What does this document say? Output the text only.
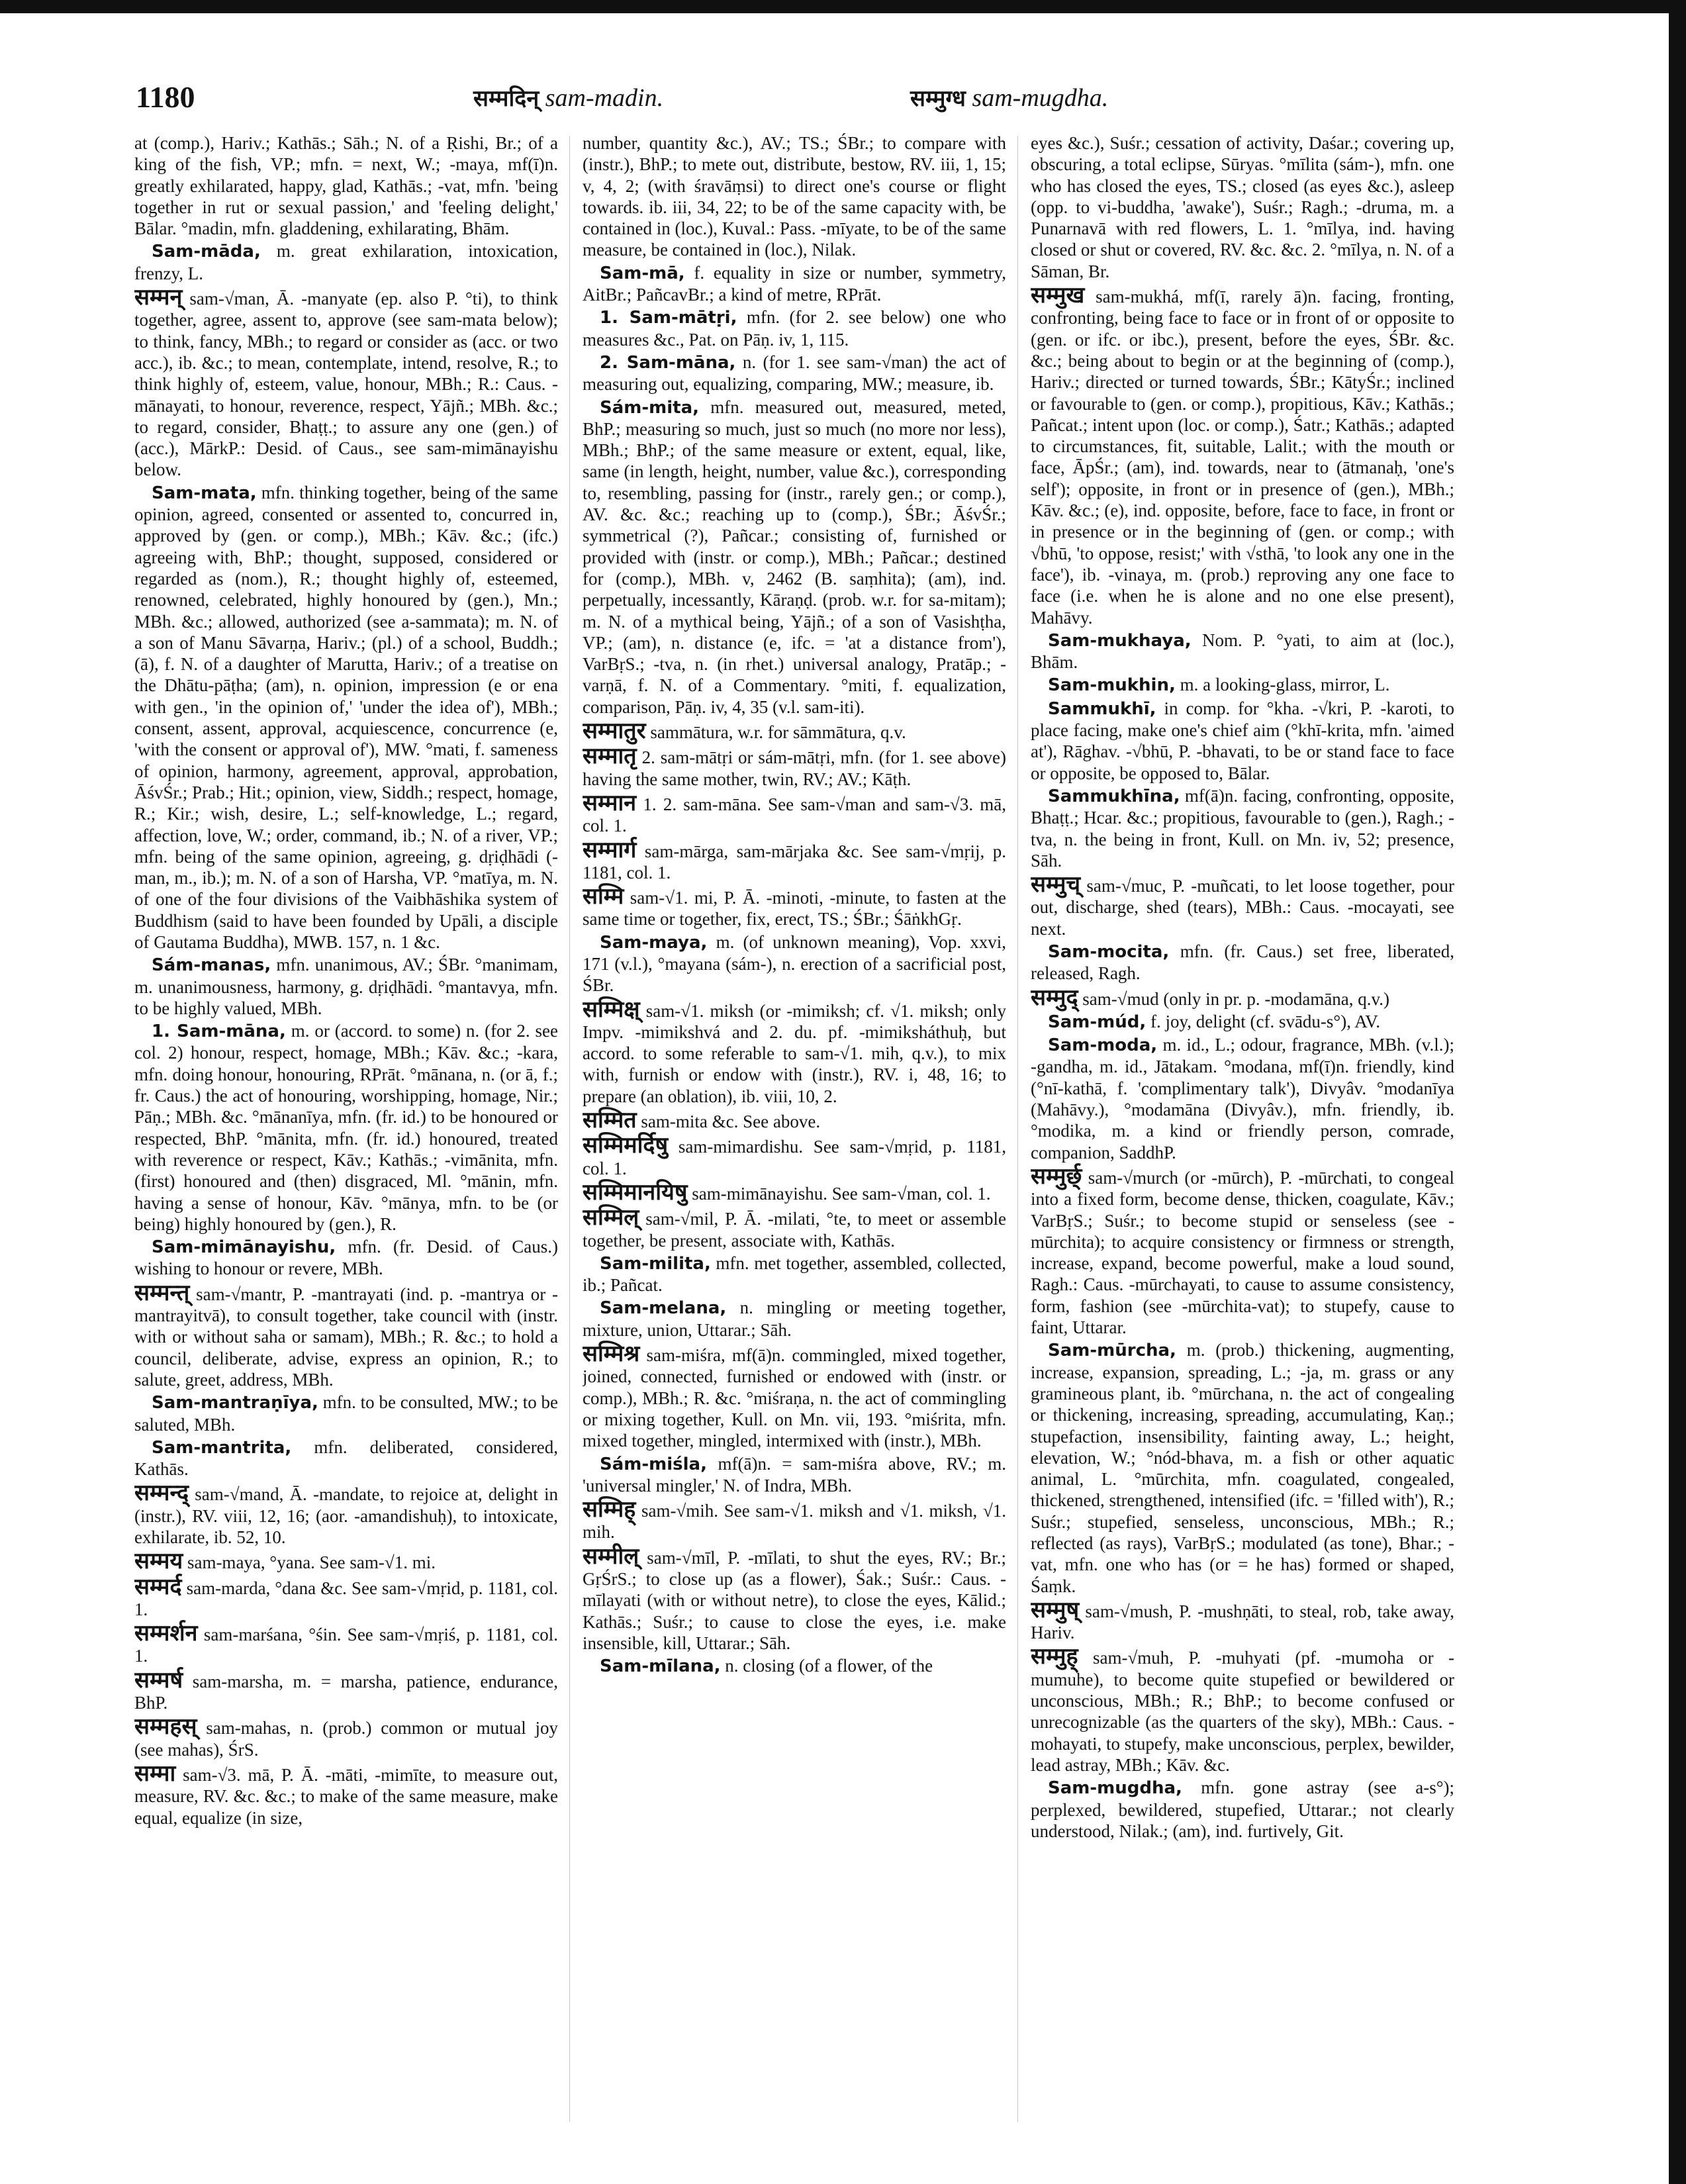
1180	सम्मदिन् sam-madin.	सम्मुग्ध sam-mugdha.

at (comp.), Hariv.; Kathās.; Sāh.; N. of a Ṛishi, Br.; of a king of the fish, VP.; mfn. = next, W.; -maya, mf(ī)n. greatly exhilarated, happy, glad, Kathās.; -vat, mfn. 'being together in rut or sexual passion,' and 'feeling delight,' Bālar. °madin, mfn. gladdening, exhilarating, Bhām.

Sam-māda, m. great exhilaration, intoxication, frenzy, L.

सम्मन् sam-√man, Ā. -manyate (ep. also P. °ti), to think together, agree, assent to, approve (see sam-mata below); to think, fancy, MBh.; to regard or consider as (acc. or two acc.), ib. &c.; to mean, contemplate, intend, resolve, R.; to think highly of, esteem, value, honour, MBh.; R.: Caus. -mānayati, to honour, reverence, respect, Yājñ.; MBh. &c.; to regard, consider, Bhaṭṭ.; to assure any one (gen.) of (acc.), MārkP.: Desid. of Caus., see sam-mimānayishu below.

Sam-mata, mfn. thinking together, being of the same opinion, agreed, consented or assented to, concurred in, approved by (gen. or comp.), MBh.; Kāv. &c.; (ifc.) agreeing with, BhP.; thought, supposed, considered or regarded as (nom.), R.; thought highly of, esteemed, renowned, celebrated, highly honoured by (gen.), Mn.; MBh. &c.; allowed, authorized (see a-sammata); m. N. of a son of Manu Sāvarṇa, Hariv.; (pl.) of a school, Buddh.; (ā), f. N. of a daughter of Marutta, Hariv.; of a treatise on the Dhātu-pāṭha; (am), n. opinion, impression (e or ena with gen., 'in the opinion of,' 'under the idea of'), MBh.; consent, assent, approval, acquiescence, concurrence (e, 'with the consent or approval of'), MW. °mati, f. sameness of opinion, harmony, agreement, approval, approbation, ĀśvŚr.; Prab.; Hit.; opinion, view, Siddh.; respect, homage, R.; Kir.; wish, desire, L.; self-knowledge, L.; regard, affection, love, W.; order, command, ib.; N. of a river, VP.; mfn. being of the same opinion, agreeing, g. dṛiḍhādi (-man, m., ib.); m. N. of a son of Harsha, VP. °matīya, m. N. of one of the four divisions of the Vaibhāshika system of Buddhism (said to have been founded by Upāli, a disciple of Gautama Buddha), MWB. 157, n. 1 &c.

Sám-manas, mfn. unanimous, AV.; ŚBr. °manimam, m. unanimousness, harmony, g. dṛiḍhādi. °mantavya, mfn. to be highly valued, MBh.

1. Sam-māna, m. or (accord. to some) n. (for 2. see col. 2) honour, respect, homage, MBh.; Kāv. &c.; -kara, mfn. doing honour, honouring, RPrāt. °mānana, n. (or ā, f.; fr. Caus.) the act of honouring, worshipping, homage, Nir.; Pāṇ.; MBh. &c. °mānanīya, mfn. (fr. id.) to be honoured or respected, BhP. °mānita, mfn. (fr. id.) honoured, treated with reverence or respect, Kāv.; Kathās.; -vimānita, mfn. (first) honoured and (then) disgraced, Ml. °mānin, mfn. having a sense of honour, Kāv. °mānya, mfn. to be (or being) highly honoured by (gen.), R.

Sam-mimānayishu, mfn. (fr. Desid. of Caus.) wishing to honour or revere, MBh.

सम्मन्त् sam-√mantr, P. -mantrayati (ind. p. -mantrya or -mantrayitvā), to consult together, take council with (instr. with or without saha or samam), MBh.; R. &c.; to hold a council, deliberate, advise, express an opinion, R.; to salute, greet, address, MBh.

Sam-mantraṇīya, mfn. to be consulted, MW.; to be saluted, MBh.

Sam-mantrita, mfn. deliberated, considered, Kathās.

सम्मन्द् sam-√mand, Ā. -mandate, to rejoice at, delight in (instr.), RV. viii, 12, 16; (aor. -amandishuḥ), to intoxicate, exhilarate, ib. 52, 10.

सम्मय sam-maya, °yana. See sam-√1. mi.

सम्मर्द sam-marda, °dana &c. See sam-√mṛid, p. 1181, col. 1.

सम्मर्शन sam-marśana, °śin. See sam-√mṛiś, p. 1181, col. 1.

सम्मर्ष sam-marsha, m. = marsha, patience, endurance, BhP.

सम्महस् sam-mahas, n. (prob.) common or mutual joy (see mahas), ŚrS.

सम्मा sam-√3. mā, P. Ā. -māti, -mimīte, to measure out, measure, RV. &c. &c.; to make of the same measure, make equal, equalize (in size,

number, quantity &c.), AV.; TS.; ŚBr.; to compare with (instr.), BhP.; to mete out, distribute, bestow, RV. iii, 1, 15; v, 4, 2; (with śravāṃsi) to direct one's course or flight towards. ib. iii, 34, 22; to be of the same capacity with, be contained in (loc.), Kuval.: Pass. -mīyate, to be of the same measure, be contained in (loc.), Nilak.

Sam-mā, f. equality in size or number, symmetry, AitBr.; PañcavBr.; a kind of metre, RPrāt.

1. Sam-mātṛi, mfn. (for 2. see below) one who measures &c., Pat. on Pāṇ. iv, 1, 115.

2. Sam-māna, n. (for 1. see sam-√man) the act of measuring out, equalizing, comparing, MW.; measure, ib.

Sám-mita, mfn. measured out, measured, meted, BhP.; measuring so much, just so much (no more nor less), MBh.; BhP.; of the same measure or extent, equal, like, same (in length, height, number, value &c.), corresponding to, resembling, passing for (instr., rarely gen.; or comp.), AV. &c. &c.; reaching up to (comp.), ŚBr.; ĀśvŚr.; symmetrical (?), Pañcar.; consisting of, furnished or provided with (instr. or comp.), MBh.; Pañcar.; destined for (comp.), MBh. v, 2462 (B. saṃhita); (am), ind. perpetually, incessantly, Kāraṇḍ. (prob. w.r. for sa-mitam); m. N. of a mythical being, Yājñ.; of a son of Vasishṭha, VP.; (am), n. distance (e, ifc. = 'at a distance from'), VarBṛS.; -tva, n. (in rhet.) universal analogy, Pratāp.; -varṇā, f. N. of a Commentary. °miti, f. equalization, comparison, Pāṇ. iv, 4, 35 (v.l. sam-iti).

सम्मातुर sammātura, w.r. for sāmmātura, q.v.

सम्मातृ 2. sam-mātṛi or sám-mātṛi, mfn. (for 1. see above) having the same mother, twin, RV.; AV.; Kāṭh.

सम्मान 1. 2. sam-māna. See sam-√man and sam-√3. mā, col. 1.

सम्मार्ग sam-mārga, sam-mārjaka &c. See sam-√mṛij, p. 1181, col. 1.

सम्मि sam-√1. mi, P. Ā. -minoti, -minute, to fasten at the same time or together, fix, erect, TS.; ŚBr.; ŚāṅkhGṛ.

Sam-maya, m. (of unknown meaning), Vop. xxvi, 171 (v.l.), °mayana (sám-), n. erection of a sacrificial post, ŚBr.

सम्मिक्ष् sam-√1. miksh (or -mimiksh; cf. √1. miksh; only Impv. -mimikshvá and 2. du. pf. -mimiksháthuḥ, but accord. to some referable to sam-√1. mih, q.v.), to mix with, furnish or endow with (instr.), RV. i, 48, 16; to prepare (an oblation), ib. viii, 10, 2.

सम्मित sam-mita &c. See above.

सम्मिमर्दिषु sam-mimardishu. See sam-√mṛid, p. 1181, col. 1.

सम्मिमानयिषु sam-mimānayishu. See sam-√man, col. 1.

सम्मिल् sam-√mil, P. Ā. -milati, °te, to meet or assemble together, be present, associate with, Kathās.

Sam-milita, mfn. met together, assembled, collected, ib.; Pañcat.

Sam-melana, n. mingling or meeting together, mixture, union, Uttarar.; Sāh.

सम्मिश्र sam-miśra, mf(ā)n. commingled, mixed together, joined, connected, furnished or endowed with (instr. or comp.), MBh.; R. &c. °miśraṇa, n. the act of commingling or mixing together, Kull. on Mn. vii, 193. °miśrita, mfn. mixed together, mingled, intermixed with (instr.), MBh.

Sám-miśla, mf(ā)n. = sam-miśra above, RV.; m. 'universal mingler,' N. of Indra, MBh.

सम्मिह् sam-√mih. See sam-√1. miksh and √1. miksh, √1. mih.

सम्मील् sam-√mīl, P. -mīlati, to shut the eyes, RV.; Br.; GṛŚrS.; to close up (as a flower), Śak.; Suśr.: Caus. -mīlayati (with or without netre), to close the eyes, Kālid.; Kathās.; Suśr.; to cause to close the eyes, i.e. make insensible, kill, Uttarar.; Sāh.

Sam-mīlana, n. closing (of a flower, of the

eyes &c.), Suśr.; cessation of activity, Daśar.; covering up, obscuring, a total eclipse, Sūryas. °mīlita (sám-), mfn. one who has closed the eyes, TS.; closed (as eyes &c.), asleep (opp. to vi-buddha, 'awake'), Suśr.; Ragh.; -druma, m. a Punarnavā with red flowers, L. 1. °mīlya, ind. having closed or shut or covered, RV. &c. &c. 2. °mīlya, n. N. of a Sāman, Br.

सम्मुख sam-mukhá, mf(ī, rarely ā)n. facing, fronting, confronting, being face to face or in front of or opposite to (gen. or ifc. or ibc.), present, before the eyes, ŚBr. &c. &c.; being about to begin or at the beginning of (comp.), Hariv.; directed or turned towards, ŚBr.; KātyŚr.; inclined or favourable to (gen. or comp.), propitious, Kāv.; Kathās.; Pañcat.; intent upon (loc. or comp.), Śatr.; Kathās.; adapted to circumstances, fit, suitable, Lalit.; with the mouth or face, ĀpŚr.; (am), ind. towards, near to (ātmanaḥ, 'one's self'); opposite, in front or in presence of (gen.), MBh.; Kāv. &c.; (e), ind. opposite, before, face to face, in front or in presence or in the beginning of (gen. or comp.; with √bhū, 'to oppose, resist;' with √sthā, 'to look any one in the face'), ib. -vinaya, m. (prob.) reproving any one face to face (i.e. when he is alone and no one else present), Mahāvy.

Sam-mukhaya, Nom. P. °yati, to aim at (loc.), Bhām.

Sam-mukhin, m. a looking-glass, mirror, L.

Sammukhī, in comp. for °kha. -√kri, P. -karoti, to place facing, make one's chief aim (°khī-krita, mfn. 'aimed at'), Rāghav. -√bhū, P. -bhavati, to be or stand face to face or opposite, be opposed to, Bālar.

Sammukhīna, mf(ā)n. facing, confronting, opposite, Bhaṭṭ.; Hcar. &c.; propitious, favourable to (gen.), Ragh.; -tva, n. the being in front, Kull. on Mn. iv, 52; presence, Sāh.

सम्मुच् sam-√muc, P. -muñcati, to let loose together, pour out, discharge, shed (tears), MBh.: Caus. -mocayati, see next.

Sam-mocita, mfn. (fr. Caus.) set free, liberated, released, Ragh.

सम्मुद् sam-√mud (only in pr. p. -modamāna, q.v.)

Sam-múd, f. joy, delight (cf. svādu-s°), AV.

Sam-moda, m. id., L.; odour, fragrance, MBh. (v.l.); -gandha, m. id., Jātakam. °modana, mf(ī)n. friendly, kind (°nī-kathā, f. 'complimentary talk'), Divyâv. °modanīya (Mahāvy.), °modamāna (Divyâv.), mfn. friendly, ib. °modika, m. a kind or friendly person, comrade, companion, SaddhP.

सम्मुर्छ् sam-√murch (or -mūrch), P. -mūrchati, to congeal into a fixed form, become dense, thicken, coagulate, Kāv.; VarBṛS.; Suśr.; to become stupid or senseless (see -mūrchita); to acquire consistency or firmness or strength, increase, expand, become powerful, make a loud sound, Ragh.: Caus. -mūrchayati, to cause to assume consistency, form, fashion (see -mūrchita-vat); to stupefy, cause to faint, Uttarar.

Sam-mūrcha, m. (prob.) thickening, augmenting, increase, expansion, spreading, L.; -ja, m. grass or any gramineous plant, ib. °mūrchana, n. the act of congealing or thickening, increasing, spreading, accumulating, Kaṇ.; stupefaction, insensibility, fainting away, L.; height, elevation, W.; °nód-bhava, m. a fish or other aquatic animal, L. °mūrchita, mfn. coagulated, congealed, thickened, strengthened, intensified (ifc. = 'filled with'), R.; Suśr.; stupefied, senseless, unconscious, MBh.; R.; reflected (as rays), VarBṛS.; modulated (as tone), Bhar.; -vat, mfn. one who has (or = he has) formed or shaped, Śaṃk.

सम्मुष् sam-√mush, P. -mushṇāti, to steal, rob, take away, Hariv.

सम्मुह् sam-√muh, P. -muhyati (pf. -mumoha or -mumuhe), to become quite stupefied or bewildered or unconscious, MBh.; R.; BhP.; to become confused or unrecognizable (as the quarters of the sky), MBh.: Caus. -mohayati, to stupefy, make unconscious, perplex, bewilder, lead astray, MBh.; Kāv. &c.

Sam-mugdha, mfn. gone astray (see a-s°); perplexed, bewildered, stupefied, Uttarar.; not clearly understood, Nilak.; (am), ind. furtively, Git.
